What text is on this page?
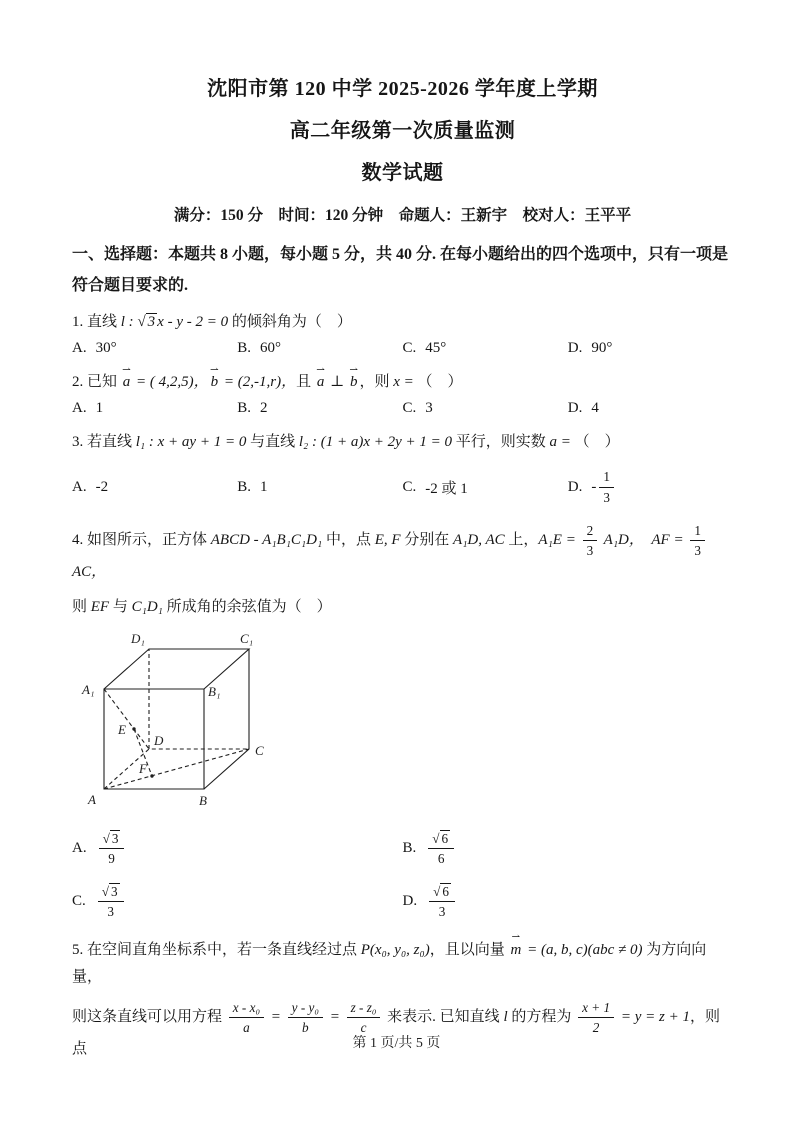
沈阳市第 120 中学 2025-2026 学年度上学期
高二年级第一次质量监测
数学试题

满分：150 分　时间：120 分钟　命题人：王新宇　校对人：王平平

一、选择题：本题共 8 小题，每小题 5 分，共 40 分. 在每小题给出的四个选项中，只有一项是符合题目要求的.

1. 直线 l : √ 3 x - y - 2 = 0 的倾斜角为（　）

A. 30°	B. 60°	C. 45°	D. 90°

2. 已知 a ⇀ = ( 4,2,5)， b ⇀ = (2,-1,r)，且 a ⇀ ⊥ b ⇀ ，则 x = （　）

A. 1	B. 2	C. 3	D. 4

3. 若直线 l₁ : x + ay + 1 = 0 与直线 l₂ : (1 + a)x + 2y + 1 = 0 平行，则实数 a = （　）

A. -2	B. 1	C. -2 或 1	D. - $\frac{1}{3}$

4. 如图所示，正方体 ABCD - A₁B₁C₁D₁ 中，点 E, F 分别在 A₁D, AC 上，$A_1E = \frac{2}{3} A_1D$，　AF = $\frac{1}{3}$
AC，

则 EF 与 C₁D₁ 所成角的余弦值为（　）

D₁	C₁
A₁	B₁
E
D
C
F
A	B
A. √ $\frac{3}{9}$	B. √ $\frac{6}{6}$
C. √ $\frac{3}{3}$	D. √ $\frac{6}{3}$

5. 在空间直角坐标系中，若一条直线经过点 P(x₀, y₀, z₀)，且以向量 m ⇀ = (a, b, c)(abc ≠ 0) 为方向向量，

则这条直线可以用方程 $\frac{\text{x - x₀}}{a} = \frac{\text{y - y₀}}{b} = \frac{\text{z - z₀}}{c}$ 来表示. 已知直线 l 的方程为 $\frac{x + 1}{2} = y = z + 1$，则点	第 1 页/共 5 页
